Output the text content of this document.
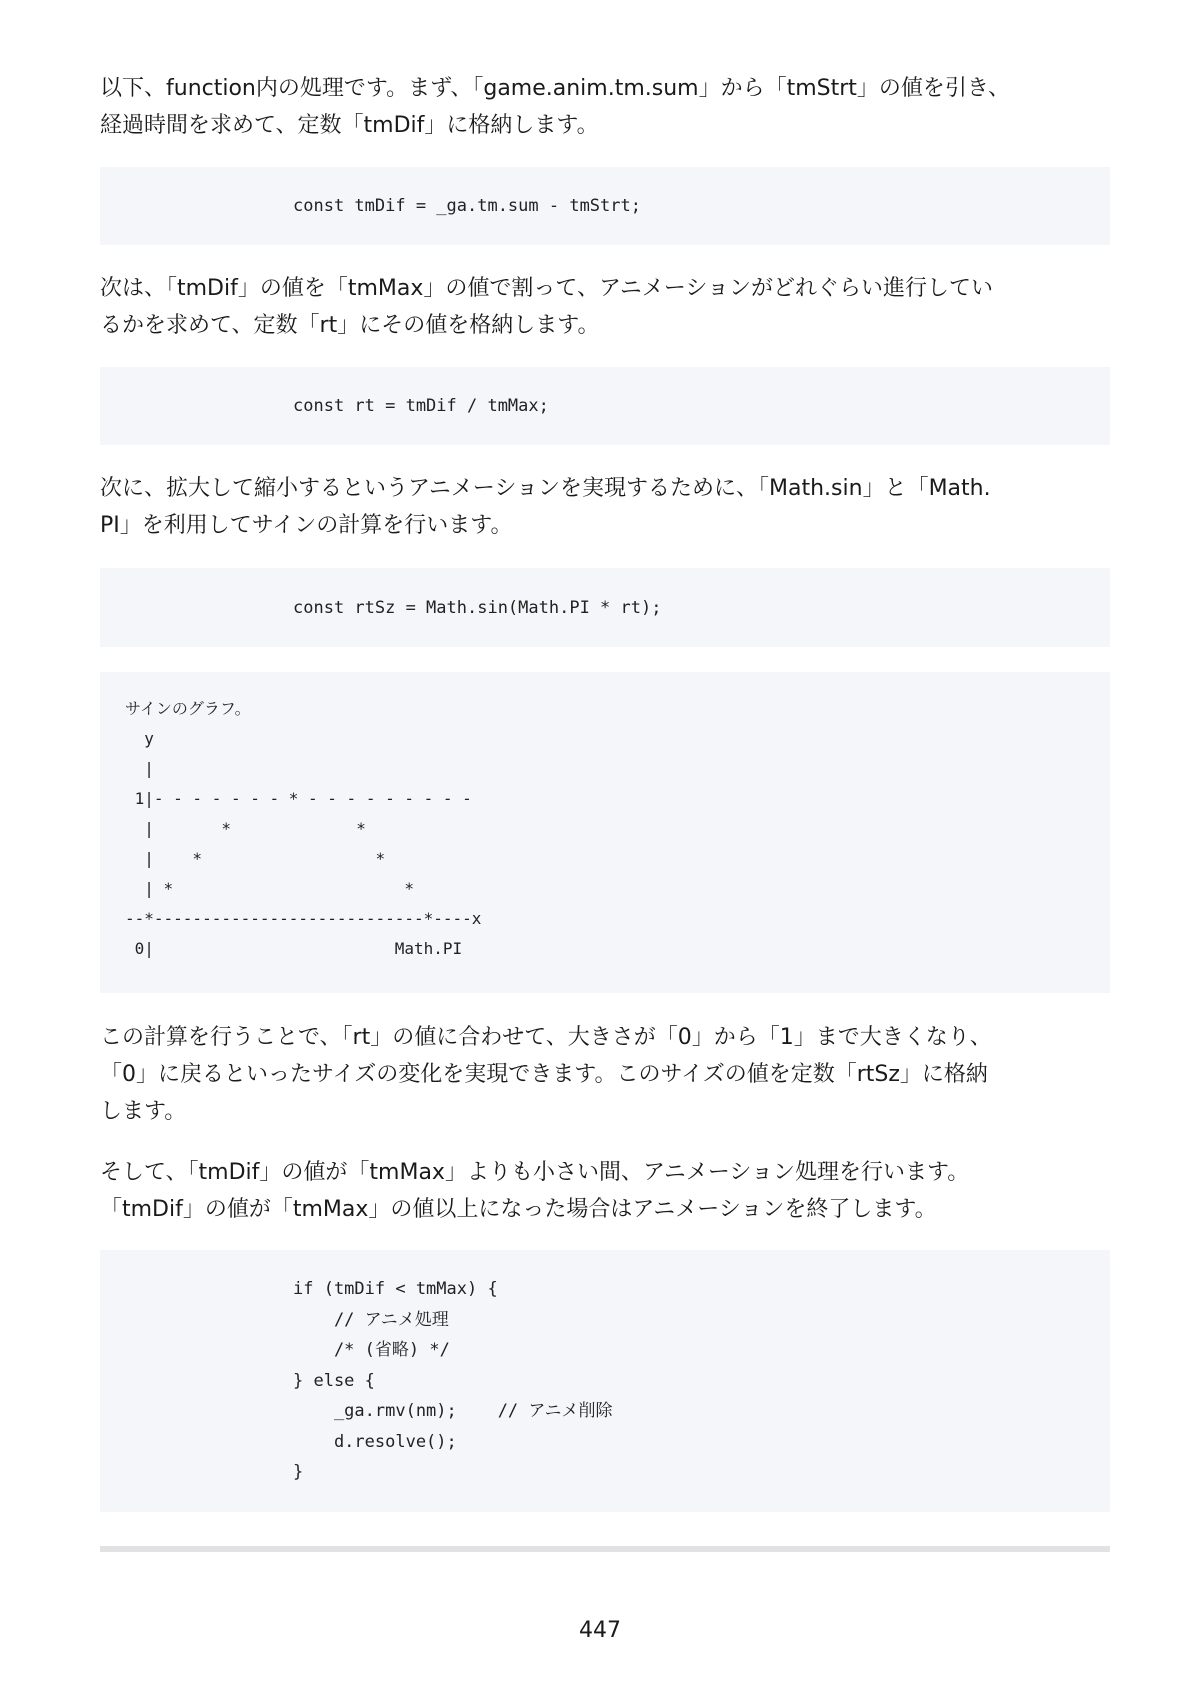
以下、function内の処理です。まず、「game.anim.tm.sum」から「tmStrt」の値を引き、
経過時間を求めて、定数「tmDif」に格納します。
const tmDif = _ga.tm.sum - tmStrt;
次は、「tmDif」の値を「tmMax」の値で割って、アニメーションがどれぐらい進行してい
るかを求めて、定数「rt」にその値を格納します。
const rt = tmDif / tmMax;
次に、拡大して縮小するというアニメーションを実現するために、「Math.sin」と「Math.
PI」を利用してサインの計算を行います。
const rtSz = Math.sin(Math.PI * rt);
サインのグラフ。
y
|
1|- - - - - - - * - - - - - - - - -
|       *             *
|    *                  *
| *                        *
--*----------------------------*----x
0|                         Math.PI
この計算を行うことで、「rt」の値に合わせて、大きさが「0」から「1」まで大きくなり、
「0」に戻るといったサイズの変化を実現できます。このサイズの値を定数「rtSz」に格納
します。
そして、「tmDif」の値が「tmMax」よりも小さい間、アニメーション処理を行います。
「tmDif」の値が「tmMax」の値以上になった場合はアニメーションを終了します。
if (tmDif < tmMax) {
// アニメ処理
/* (省略) */
} else {
_ga.rmv(nm);    // アニメ削除
d.resolve();
}
447
